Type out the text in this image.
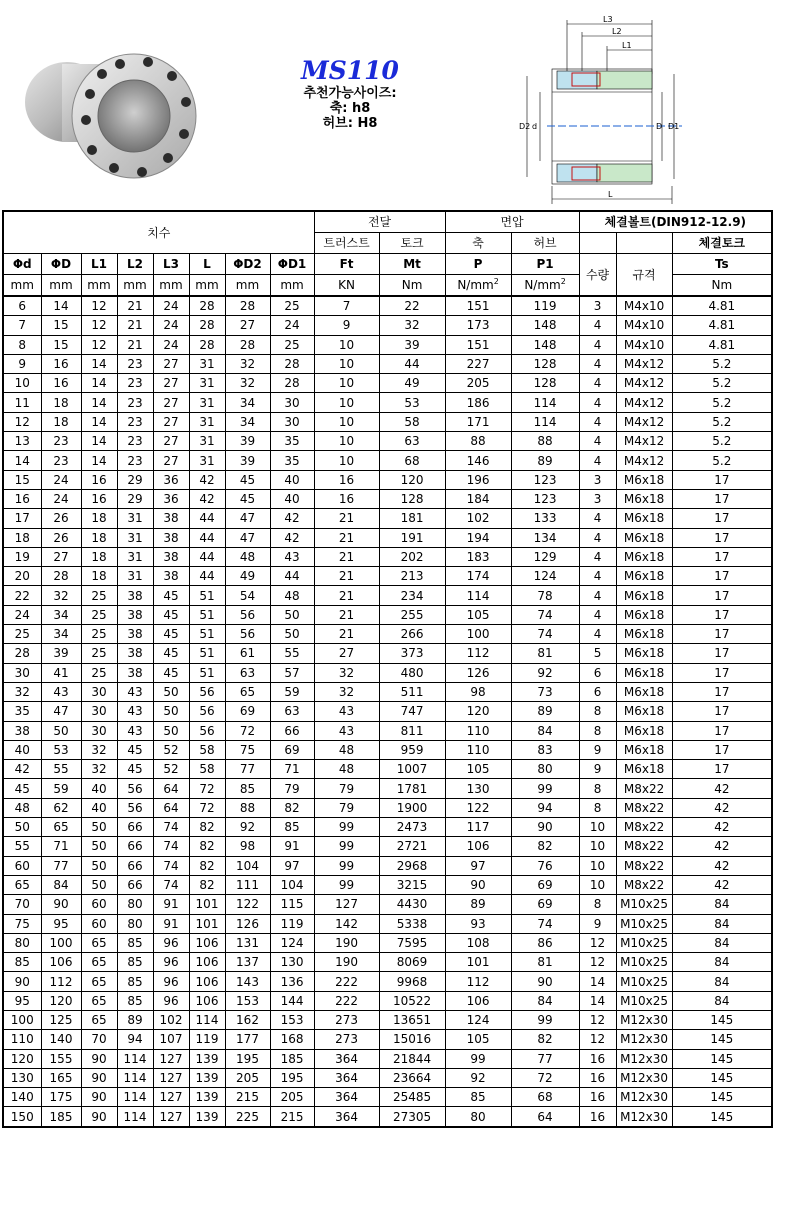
MS110
추천가능사이즈:
축: h8
허브: H8
L3
L2
L1
D2 d	D D1
L
치수								전달		면압		체결볼트(DIN912-12.9)		
								트러스트	토크	축	허브			체결토크
Φd	ΦD	L1	L2	L3	L	ΦD2	ΦD1	Ft	Mt	P	P1	수량	규격	Ts
mm	mm	mm	mm	mm	mm	mm	mm	KN	Nm	$N/mm^2$	$N/mm^2$			Nm
6	14	12	21	24	28	28	25	7	22	151	119	3	M4x10	4.81
7	15	12	21	24	28	27	24	9	32	173	148	4	M4x10	4.81
8	15	12	21	24	28	28	25	10	39	151	148	4	M4x10	4.81
9	16	14	23	27	31	32	28	10	44	227	128	4	M4x12	5.2
10	16	14	23	27	31	32	28	10	49	205	128	4	M4x12	5.2
11	18	14	23	27	31	34	30	10	53	186	114	4	M4x12	5.2
12	18	14	23	27	31	34	30	10	58	171	114	4	M4x12	5.2
13	23	14	23	27	31	39	35	10	63	88	88	4	M4x12	5.2
14	23	14	23	27	31	39	35	10	68	146	89	4	M4x12	5.2
15	24	16	29	36	42	45	40	16	120	196	123	3	M6x18	17
16	24	16	29	36	42	45	40	16	128	184	123	3	M6x18	17
17	26	18	31	38	44	47	42	21	181	102	133	4	M6x18	17
18	26	18	31	38	44	47	42	21	191	194	134	4	M6x18	17
19	27	18	31	38	44	48	43	21	202	183	129	4	M6x18	17
20	28	18	31	38	44	49	44	21	213	174	124	4	M6x18	17
22	32	25	38	45	51	54	48	21	234	114	78	4	M6x18	17
24	34	25	38	45	51	56	50	21	255	105	74	4	M6x18	17
25	34	25	38	45	51	56	50	21	266	100	74	4	M6x18	17
28	39	25	38	45	51	61	55	27	373	112	81	5	M6x18	17
30	41	25	38	45	51	63	57	32	480	126	92	6	M6x18	17
32	43	30	43	50	56	65	59	32	511	98	73	6	M6x18	17
35	47	30	43	50	56	69	63	43	747	120	89	8	M6x18	17
38	50	30	43	50	56	72	66	43	811	110	84	8	M6x18	17
40	53	32	45	52	58	75	69	48	959	110	83	9	M6x18	17
42	55	32	45	52	58	77	71	48	1007	105	80	9	M6x18	17
45	59	40	56	64	72	85	79	79	1781	130	99	8	M8x22	42
48	62	40	56	64	72	88	82	79	1900	122	94	8	M8x22	42
50	65	50	66	74	82	92	85	99	2473	117	90	10	M8x22	42
55	71	50	66	74	82	98	91	99	2721	106	82	10	M8x22	42
60	77	50	66	74	82	104	97	99	2968	97	76	10	M8x22	42
65	84	50	66	74	82	111	104	99	3215	90	69	10	M8x22	42
70	90	60	80	91	101	122	115	127	4430	89	69	8	M10x25	84
75	95	60	80	91	101	126	119	142	5338	93	74	9	M10x25	84
80	100	65	85	96	106	131	124	190	7595	108	86	12	M10x25	84
85	106	65	85	96	106	137	130	190	8069	101	81	12	M10x25	84
90	112	65	85	96	106	143	136	222	9968	112	90	14	M10x25	84
95	120	65	85	96	106	153	144	222	10522	106	84	14	M10x25	84
100	125	65	89	102	114	162	153	273	13651	124	99	12	M12x30	145
110	140	70	94	107	119	177	168	273	15016	105	82	12	M12x30	145
120	155	90	114	127	139	195	185	364	21844	99	77	16	M12x30	145
130	165	90	114	127	139	205	195	364	23664	92	72	16	M12x30	145
140	175	90	114	127	139	215	205	364	25485	85	68	16	M12x30	145
150	185	90	114	127	139	225	215	364	27305	80	64	16	M12x30	145
